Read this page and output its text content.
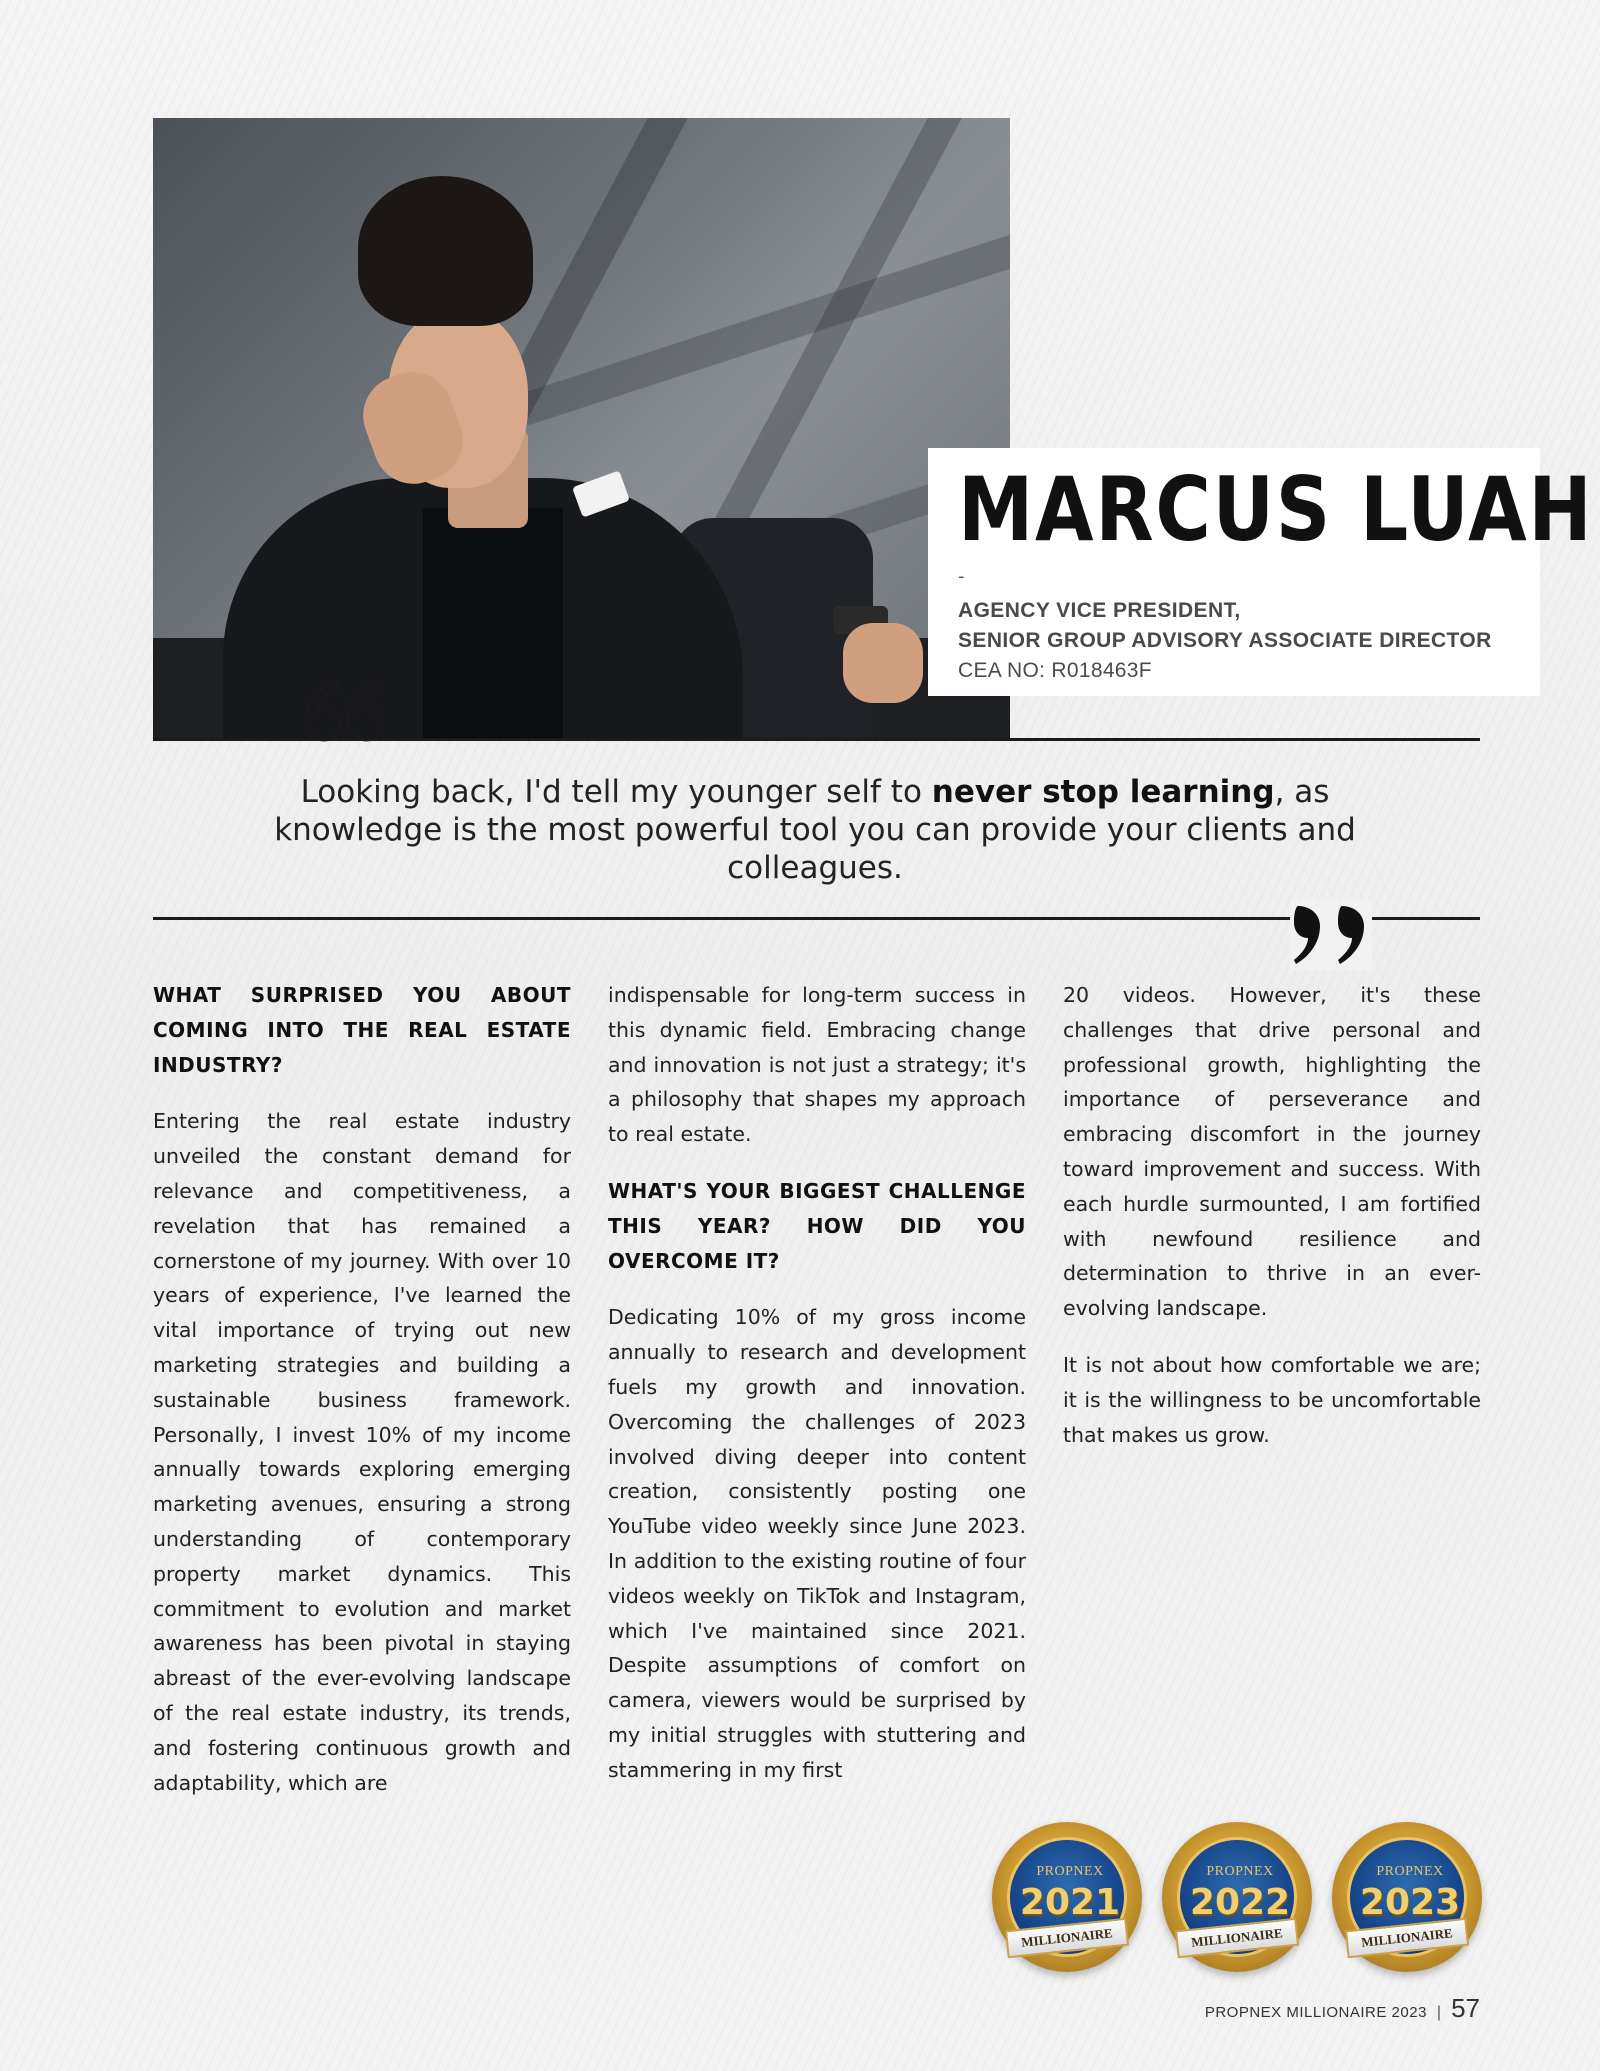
MARCUS LUAH
-
AGENCY VICE PRESIDENT,
SENIOR GROUP ADVISORY ASSOCIATE DIRECTOR
CEA NO: R018463F
Looking back, I'd tell my younger self to never stop learning, as knowledge is the most powerful tool you can provide your clients and colleagues.
WHAT SURPRISED YOU ABOUT COMING INTO THE REAL ESTATE INDUSTRY?
Entering the real estate industry unveiled the constant demand for relevance and competitiveness, a revelation that has remained a cornerstone of my journey. With over 10 years of experience, I've learned the vital importance of trying out new marketing strategies and building a sustainable business framework. Personally, I invest 10% of my income annually towards exploring emerging marketing avenues, ensuring a strong understanding of contemporary property market dynamics. This commitment to evolution and market awareness has been pivotal in staying abreast of the ever-evolving landscape of the real estate industry, its trends, and fostering continuous growth and adaptability, which are
indispensable for long-term success in this dynamic field. Embracing change and innovation is not just a strategy; it's a philosophy that shapes my approach to real estate.
WHAT'S YOUR BIGGEST CHALLENGE THIS YEAR? HOW DID YOU OVERCOME IT?
Dedicating 10% of my gross income annually to research and development fuels my growth and innovation. Overcoming the challenges of 2023 involved diving deeper into content creation, consistently posting one YouTube video weekly since June 2023. In addition to the existing routine of four videos weekly on TikTok and Instagram, which I've maintained since 2021. Despite assumptions of comfort on camera, viewers would be surprised by my initial struggles with stuttering and stammering in my first
20 videos. However, it's these challenges that drive personal and professional growth, highlighting the importance of perseverance and embracing discomfort in the journey toward improvement and success. With each hurdle surmounted, I am fortified with newfound resilience and determination to thrive in an ever-evolving landscape.
It is not about how comfortable we are; it is the willingness to be uncomfortable that makes us grow.
PROPNEX
2021
MILLIONAIRE
PROPNEX
2022
MILLIONAIRE
PROPNEX
2023
MILLIONAIRE
PROPNEX MILLIONAIRE 2023 | 57
